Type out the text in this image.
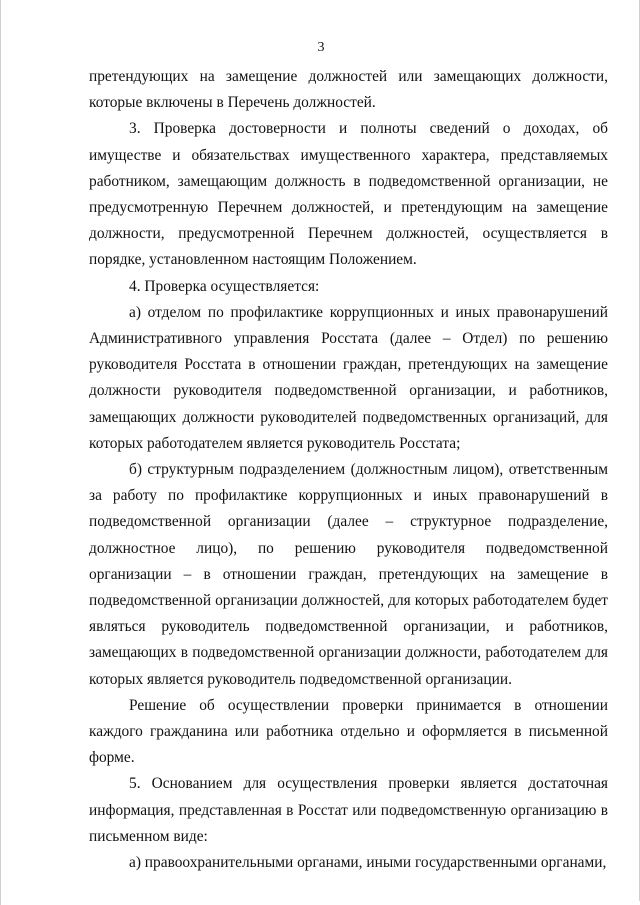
3

претендующих на замещение должностей или замещающих должности, которые включены в Перечень должностей.

3. Проверка достоверности и полноты сведений о доходах, об имуществе и обязательствах имущественного характера, представляемых работником, замещающим должность в подведомственной организации, не предусмотренную Перечнем должностей, и претендующим на замещение должности, предусмотренной Перечнем должностей, осуществляется в порядке, установленном настоящим Положением.

4. Проверка осуществляется:

а) отделом по профилактике коррупционных и иных правонарушений Административного управления Росстата (далее – Отдел) по решению руководителя Росстата в отношении граждан, претендующих на замещение должности руководителя подведомственной организации, и работников, замещающих должности руководителей подведомственных организаций, для которых работодателем является руководитель Росстата;

б) структурным подразделением (должностным лицом), ответственным за работу по профилактике коррупционных и иных правонарушений в подведомственной организации (далее – структурное подразделение, должностное лицо), по решению руководителя подведомственной организации – в отношении граждан, претендующих на замещение в подведомственной организации должностей, для которых работодателем будет являться руководитель подведомственной организации, и работников, замещающих в подведомственной организации должности, работодателем для которых является руководитель подведомственной организации.

Решение об осуществлении проверки принимается в отношении каждого гражданина или работника отдельно и оформляется в письменной форме.

5. Основанием для осуществления проверки является достаточная информация, представленная в Росстат или подведомственную организацию в письменном виде:

а) правоохранительными органами, иными государственными органами,
